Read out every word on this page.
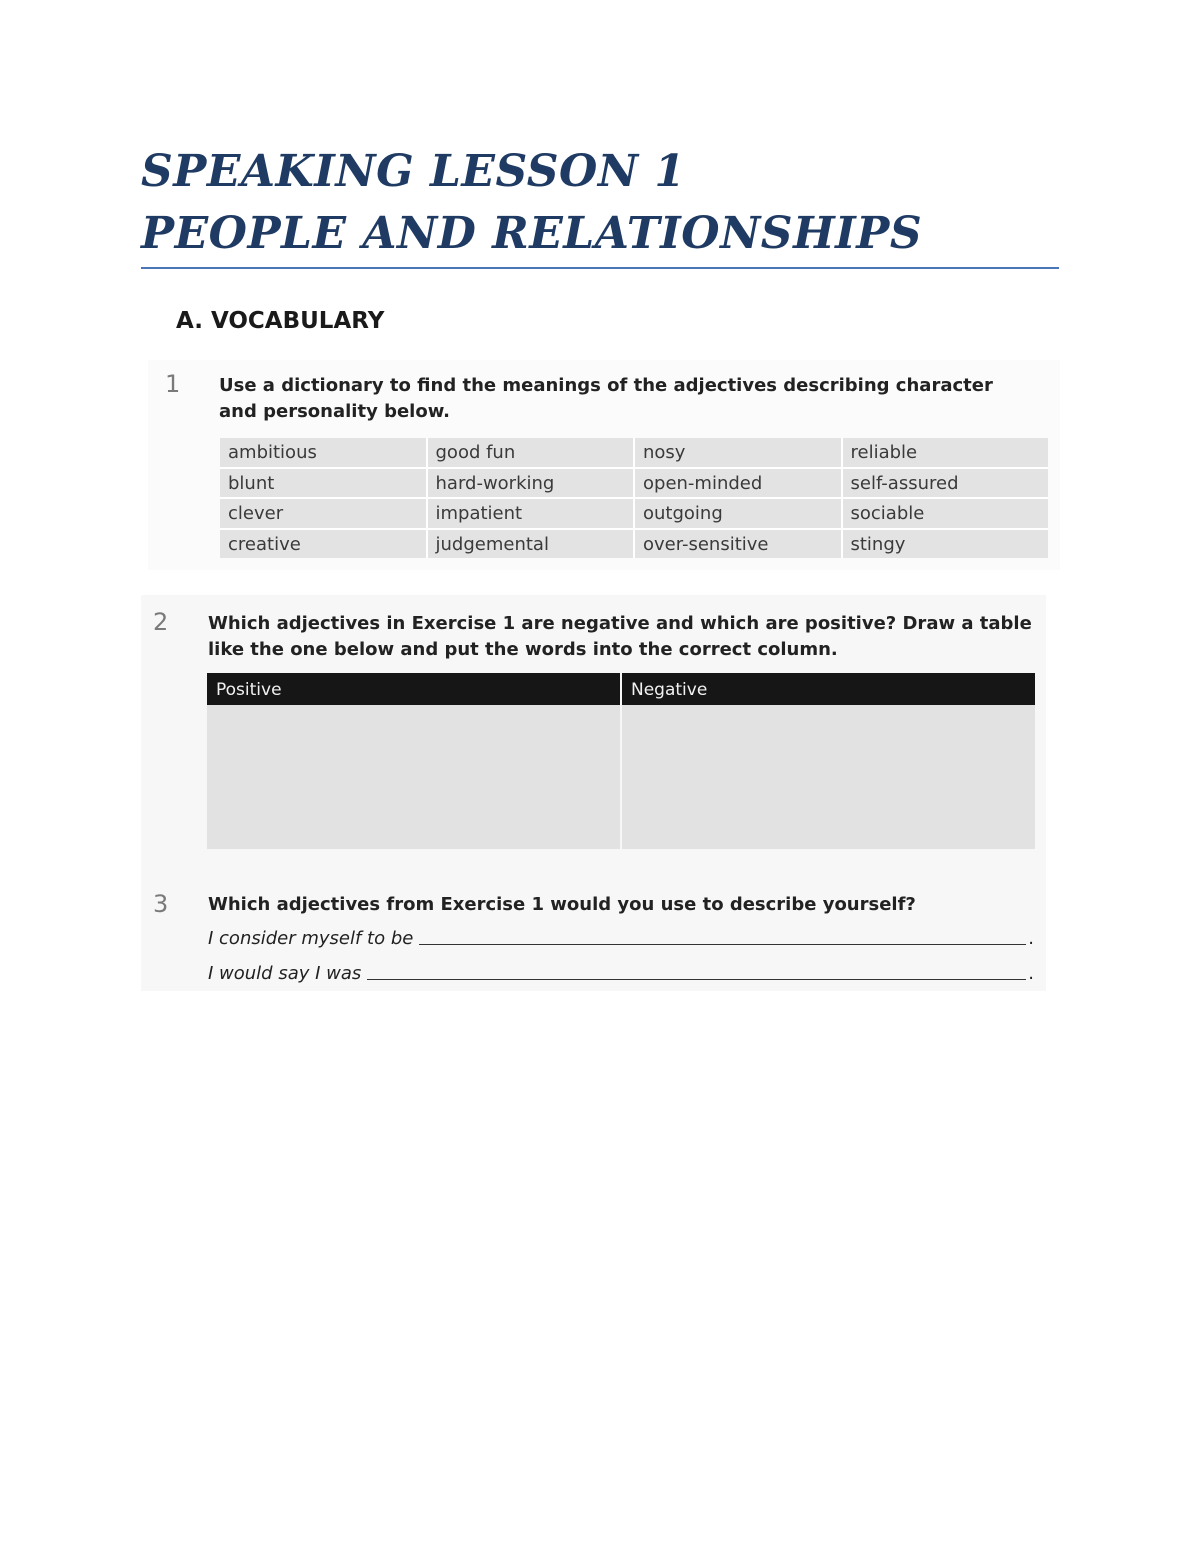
SPEAKING LESSON 1
PEOPLE AND RELATIONSHIPS
A. VOCABULARY
1 Use a dictionary to find the meanings of the adjectives describing character and personality below.
ambitious	good fun	nosy	reliable
blunt	hard-working	open-minded	self-assured
clever	impatient	outgoing	sociable
creative	judgemental	over-sensitive	stingy
2 Which adjectives in Exercise 1 are negative and which are positive? Draw a table like the one below and put the words into the correct column.
Positive	Negative
3 Which adjectives from Exercise 1 would you use to describe yourself?
I consider myself to be	.
I would say I was	.
